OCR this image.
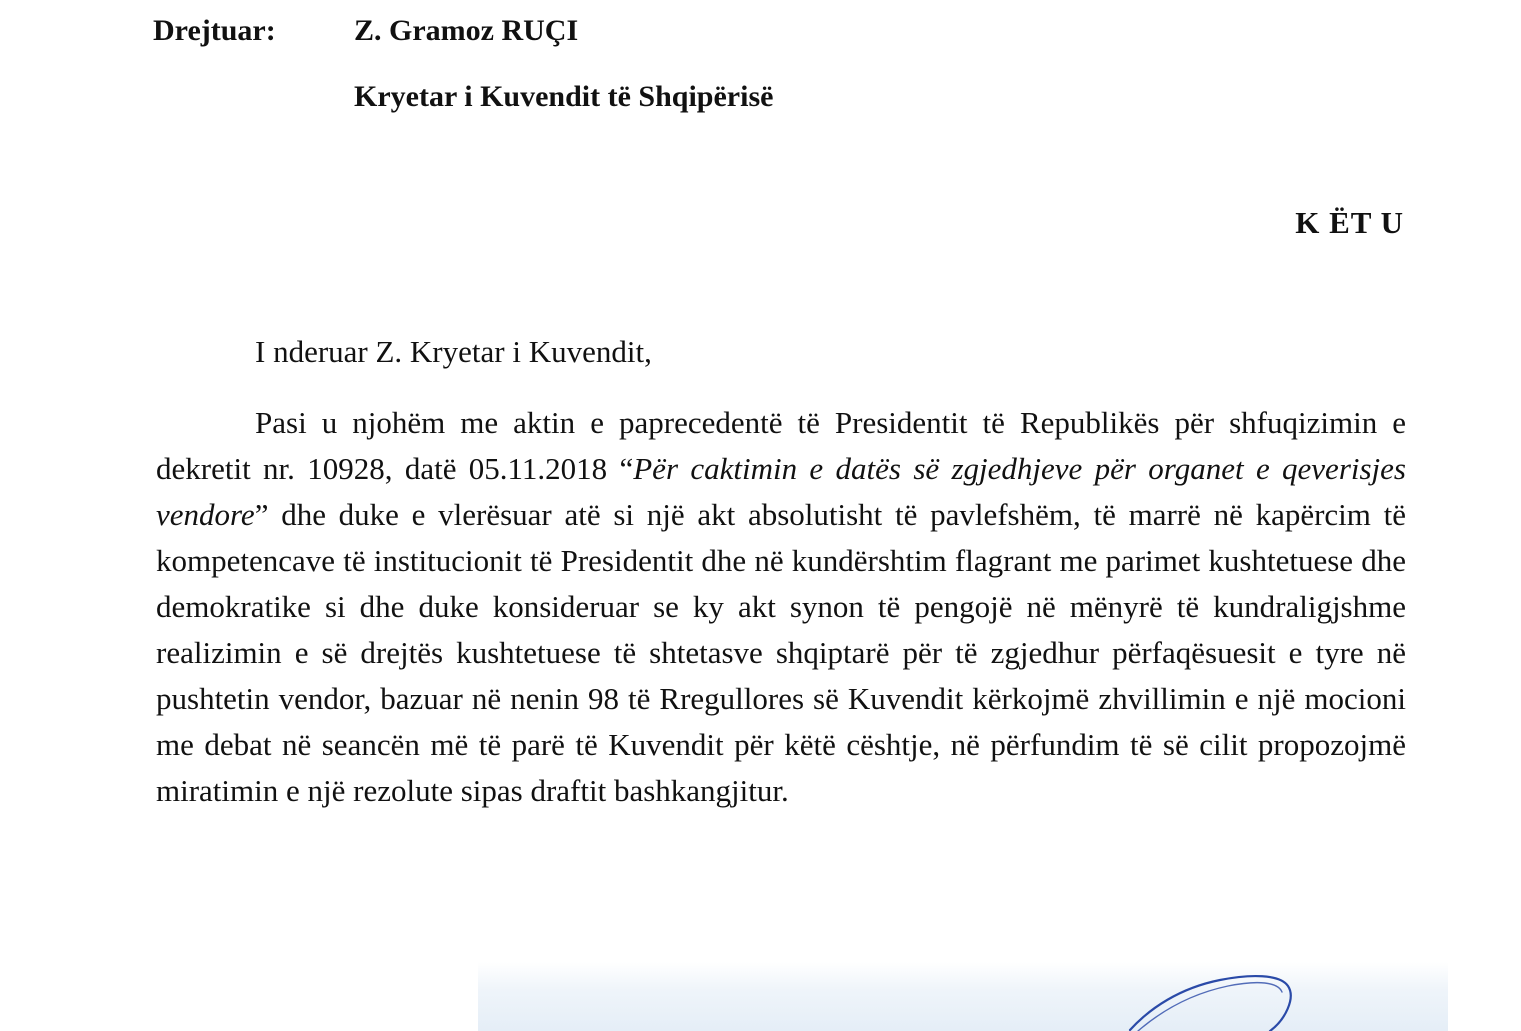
Drejtuar:	Z. Gramoz RUÇI
Kryetar i Kuvendit të Shqipërisë
K ËT U
I nderuar Z. Kryetar i Kuvendit,

Pasi u njohëm me aktin e paprecedentë të Presidentit të Republikës për shfuqizimin e dekretit nr. 10928, datë 05.11.2018 “Për caktimin e datës së zgjedhjeve për organet e qeverisjes vendore” dhe duke e vlerësuar atë si një akt absolutisht të pavlefshëm, të marrë në kapërcim të kompetencave të institucionit të Presidentit dhe në kundërshtim flagrant me parimet kushtetuese dhe demokratike si dhe duke konsideruar se ky akt synon të pengojë në mënyrë të kundraligjshme realizimin e së drejtës kushtetuese të shtetasve shqiptarë për të zgjedhur përfaqësuesit e tyre në pushtetin vendor, bazuar në nenin 98 të Rregullores së Kuvendit kërkojmë zhvillimin e një mocioni me debat në seancën më të parë të Kuvendit për këtë cështje, në përfundim të së cilit propozojmë miratimin e një rezolute sipas draftit bashkangjitur.
